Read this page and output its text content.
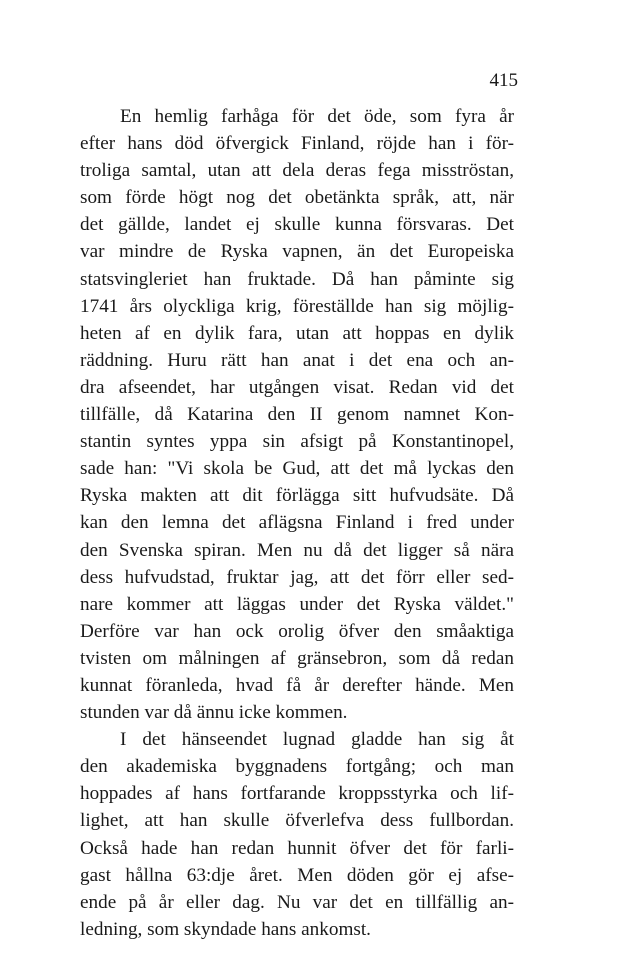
415
En hemlig farhåga för det öde, som fyra år
efter hans död öfvergick Finland, röjde han i för-
troliga samtal, utan att dela deras fega misströstan,
som förde högt nog det obetänkta språk, att, när
det gällde, landet ej skulle kunna försvaras. Det
var mindre de Ryska vapnen, än det Europeiska
statsvingleriet han fruktade. Då han påminte sig
1741 års olyckliga krig, föreställde han sig möjlig-
heten af en dylik fara, utan att hoppas en dylik
räddning. Huru rätt han anat i det ena och an-
dra afseendet, har utgången visat. Redan vid det
tillfälle, då Katarina den II genom namnet Kon-
stantin syntes yppa sin afsigt på Konstantinopel,
sade han: "Vi skola be Gud, att det må lyckas den
Ryska makten att dit förlägga sitt hufvudsäte. Då
kan den lemna det aflägsna Finland i fred under
den Svenska spiran. Men nu då det ligger så nära
dess hufvudstad, fruktar jag, att det förr eller sed-
nare kommer att läggas under det Ryska väldet."
Derföre var han ock orolig öfver den småaktiga
tvisten om målningen af gränsebron, som då redan
kunnat föranleda, hvad få år derefter hände. Men
stunden var då ännu icke kommen.
I det hänseendet lugnad gladde han sig åt
den akademiska byggnadens fortgång; och man
hoppades af hans fortfarande kroppsstyrka och lif-
lighet, att han skulle öfverlefva dess fullbordan.
Också hade han redan hunnit öfver det för farli-
gast hållna 63:dje året. Men döden gör ej afse-
ende på år eller dag. Nu var det en tillfällig an-
ledning, som skyndade hans ankomst.
